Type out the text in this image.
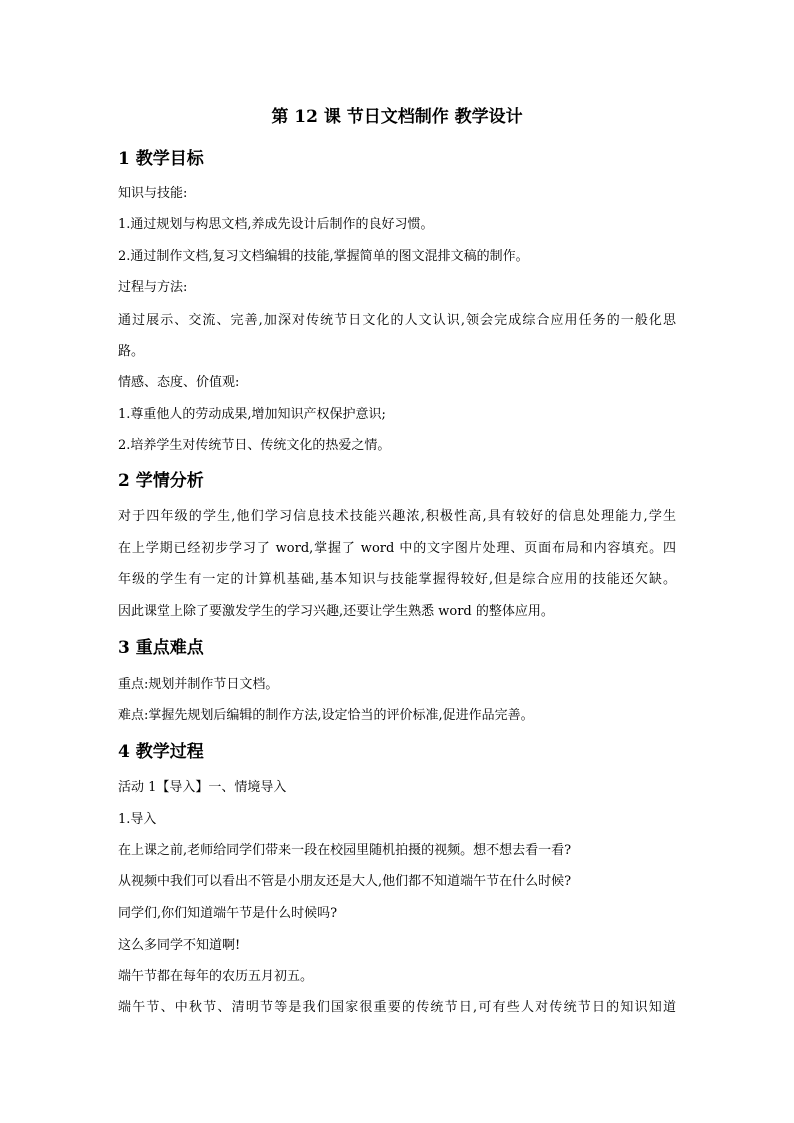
第 12 课 节日文档制作 教学设计
1 教学目标
知识与技能:
1.通过规划与构思文档,养成先设计后制作的良好习惯。
2.通过制作文档,复习文档编辑的技能,掌握简单的图文混排文稿的制作。
过程与方法:
通过展示、交流、完善,加深对传统节日文化的人文认识,领会完成综合应用任务的一般化思
路。
情感、态度、价值观:
1.尊重他人的劳动成果,增加知识产权保护意识;
2.培养学生对传统节日、传统文化的热爱之情。
2 学情分析
对于四年级的学生,他们学习信息技术技能兴趣浓,积极性高,具有较好的信息处理能力,学生
在上学期已经初步学习了 word,掌握了 word 中的文字图片处理、页面布局和内容填充。四
年级的学生有一定的计算机基础,基本知识与技能掌握得较好,但是综合应用的技能还欠缺。
因此课堂上除了要激发学生的学习兴趣,还要让学生熟悉 word 的整体应用。
3 重点难点
重点:规划并制作节日文档。
难点:掌握先规划后编辑的制作方法,设定恰当的评价标准,促进作品完善。
4 教学过程
活动 1【导入】一、情境导入
1.导入
在上课之前,老师给同学们带来一段在校园里随机拍摄的视频。想不想去看一看?
从视频中我们可以看出不管是小朋友还是大人,他们都不知道端午节在什么时候?
同学们,你们知道端午节是什么时候吗?
这么多同学不知道啊!
端午节都在每年的农历五月初五。
端午节、中秋节、清明节等是我们国家很重要的传统节日,可有些人对传统节日的知识知道
